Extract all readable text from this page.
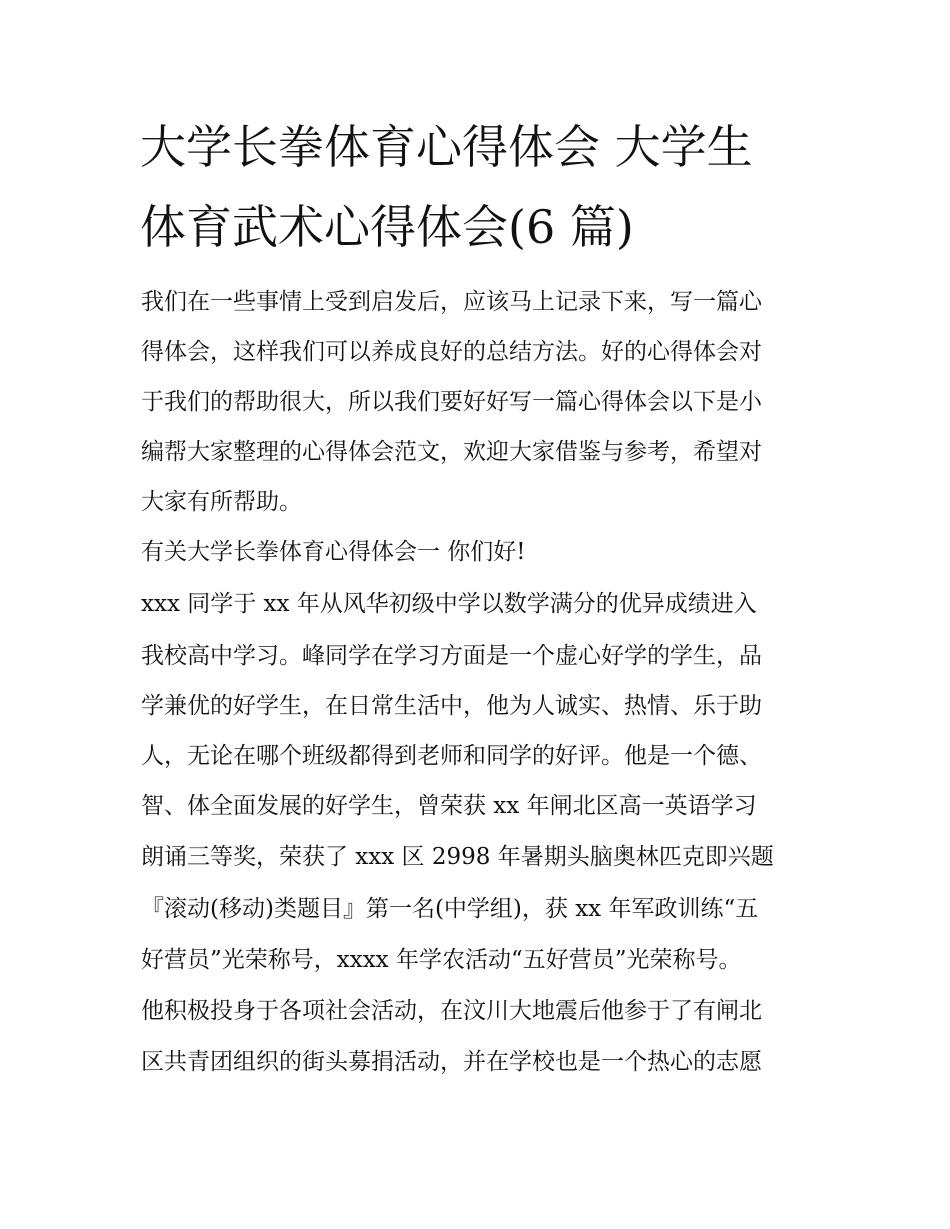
大学长拳体育心得体会 大学生
体育武术心得体会(6 篇)
我们在一些事情上受到启发后，应该马上记录下来，写一篇心
得体会，这样我们可以养成良好的总结方法。好的心得体会对
于我们的帮助很大，所以我们要好好写一篇心得体会以下是小
编帮大家整理的心得体会范文，欢迎大家借鉴与参考，希望对
大家有所帮助。
有关大学长拳体育心得体会一 你们好!
xxx 同学于 xx 年从风华初级中学以数学满分的优异成绩进入
我校高中学习。峰同学在学习方面是一个虚心好学的学生，品
学兼优的好学生，在日常生活中，他为人诚实、热情、乐于助
人，无论在哪个班级都得到老师和同学的好评。他是一个德、
智、体全面发展的好学生，曾荣获 xx 年闸北区高一英语学习
朗诵三等奖，荣获了 xxx 区 2998 年暑期头脑奥林匹克即兴题
『滚动(移动)类题目』第一名(中学组)，获 xx 年军政训练“五
好营员”光荣称号，xxxx 年学农活动“五好营员”光荣称号。
他积极投身于各项社会活动，在汶川大地震后他参于了有闸北
区共青团组织的街头募捐活动，并在学校也是一个热心的志愿
